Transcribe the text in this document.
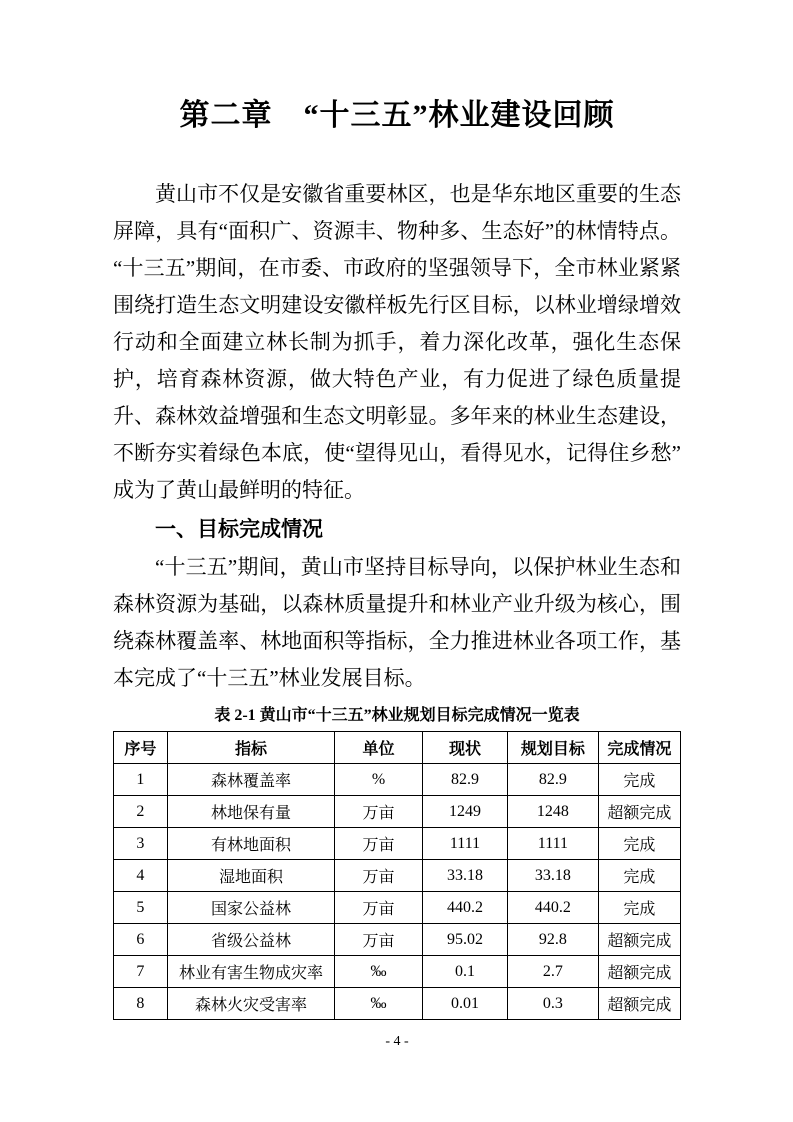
第二章　“十三五”林业建设回顾

黄山市不仅是安徽省重要林区，也是华东地区重要的生态屏障，具有“面积广、资源丰、物种多、生态好”的林情特点。“十三五”期间，在市委、市政府的坚强领导下，全市林业紧紧围绕打造生态文明建设安徽样板先行区目标，以林业增绿增效行动和全面建立林长制为抓手，着力深化改革，强化生态保护，培育森林资源，做大特色产业，有力促进了绿色质量提升、森林效益增强和生态文明彰显。多年来的林业生态建设，不断夯实着绿色本底，使“望得见山，看得见水，记得住乡愁”成为了黄山最鲜明的特征。

一、目标完成情况

“十三五”期间，黄山市坚持目标导向，以保护林业生态和森林资源为基础，以森林质量提升和林业产业升级为核心，围绕森林覆盖率、林地面积等指标，全力推进林业各项工作，基本完成了“十三五”林业发展目标。

表 2-1 黄山市“十三五”林业规划目标完成情况一览表
序号	指标	单位	现状	规划目标	完成情况
1	森林覆盖率	%	82.9	82.9	完成
2	林地保有量	万亩	1249	1248	超额完成
3	有林地面积	万亩	1111	1111	完成
4	湿地面积	万亩	33.18	33.18	完成
5	国家公益林	万亩	440.2	440.2	完成
6	省级公益林	万亩	95.02	92.8	超额完成
7	林业有害生物成灾率	‰	0.1	2.7	超额完成
8	森林火灾受害率	‰	0.01	0.3	超额完成
- 4 -
